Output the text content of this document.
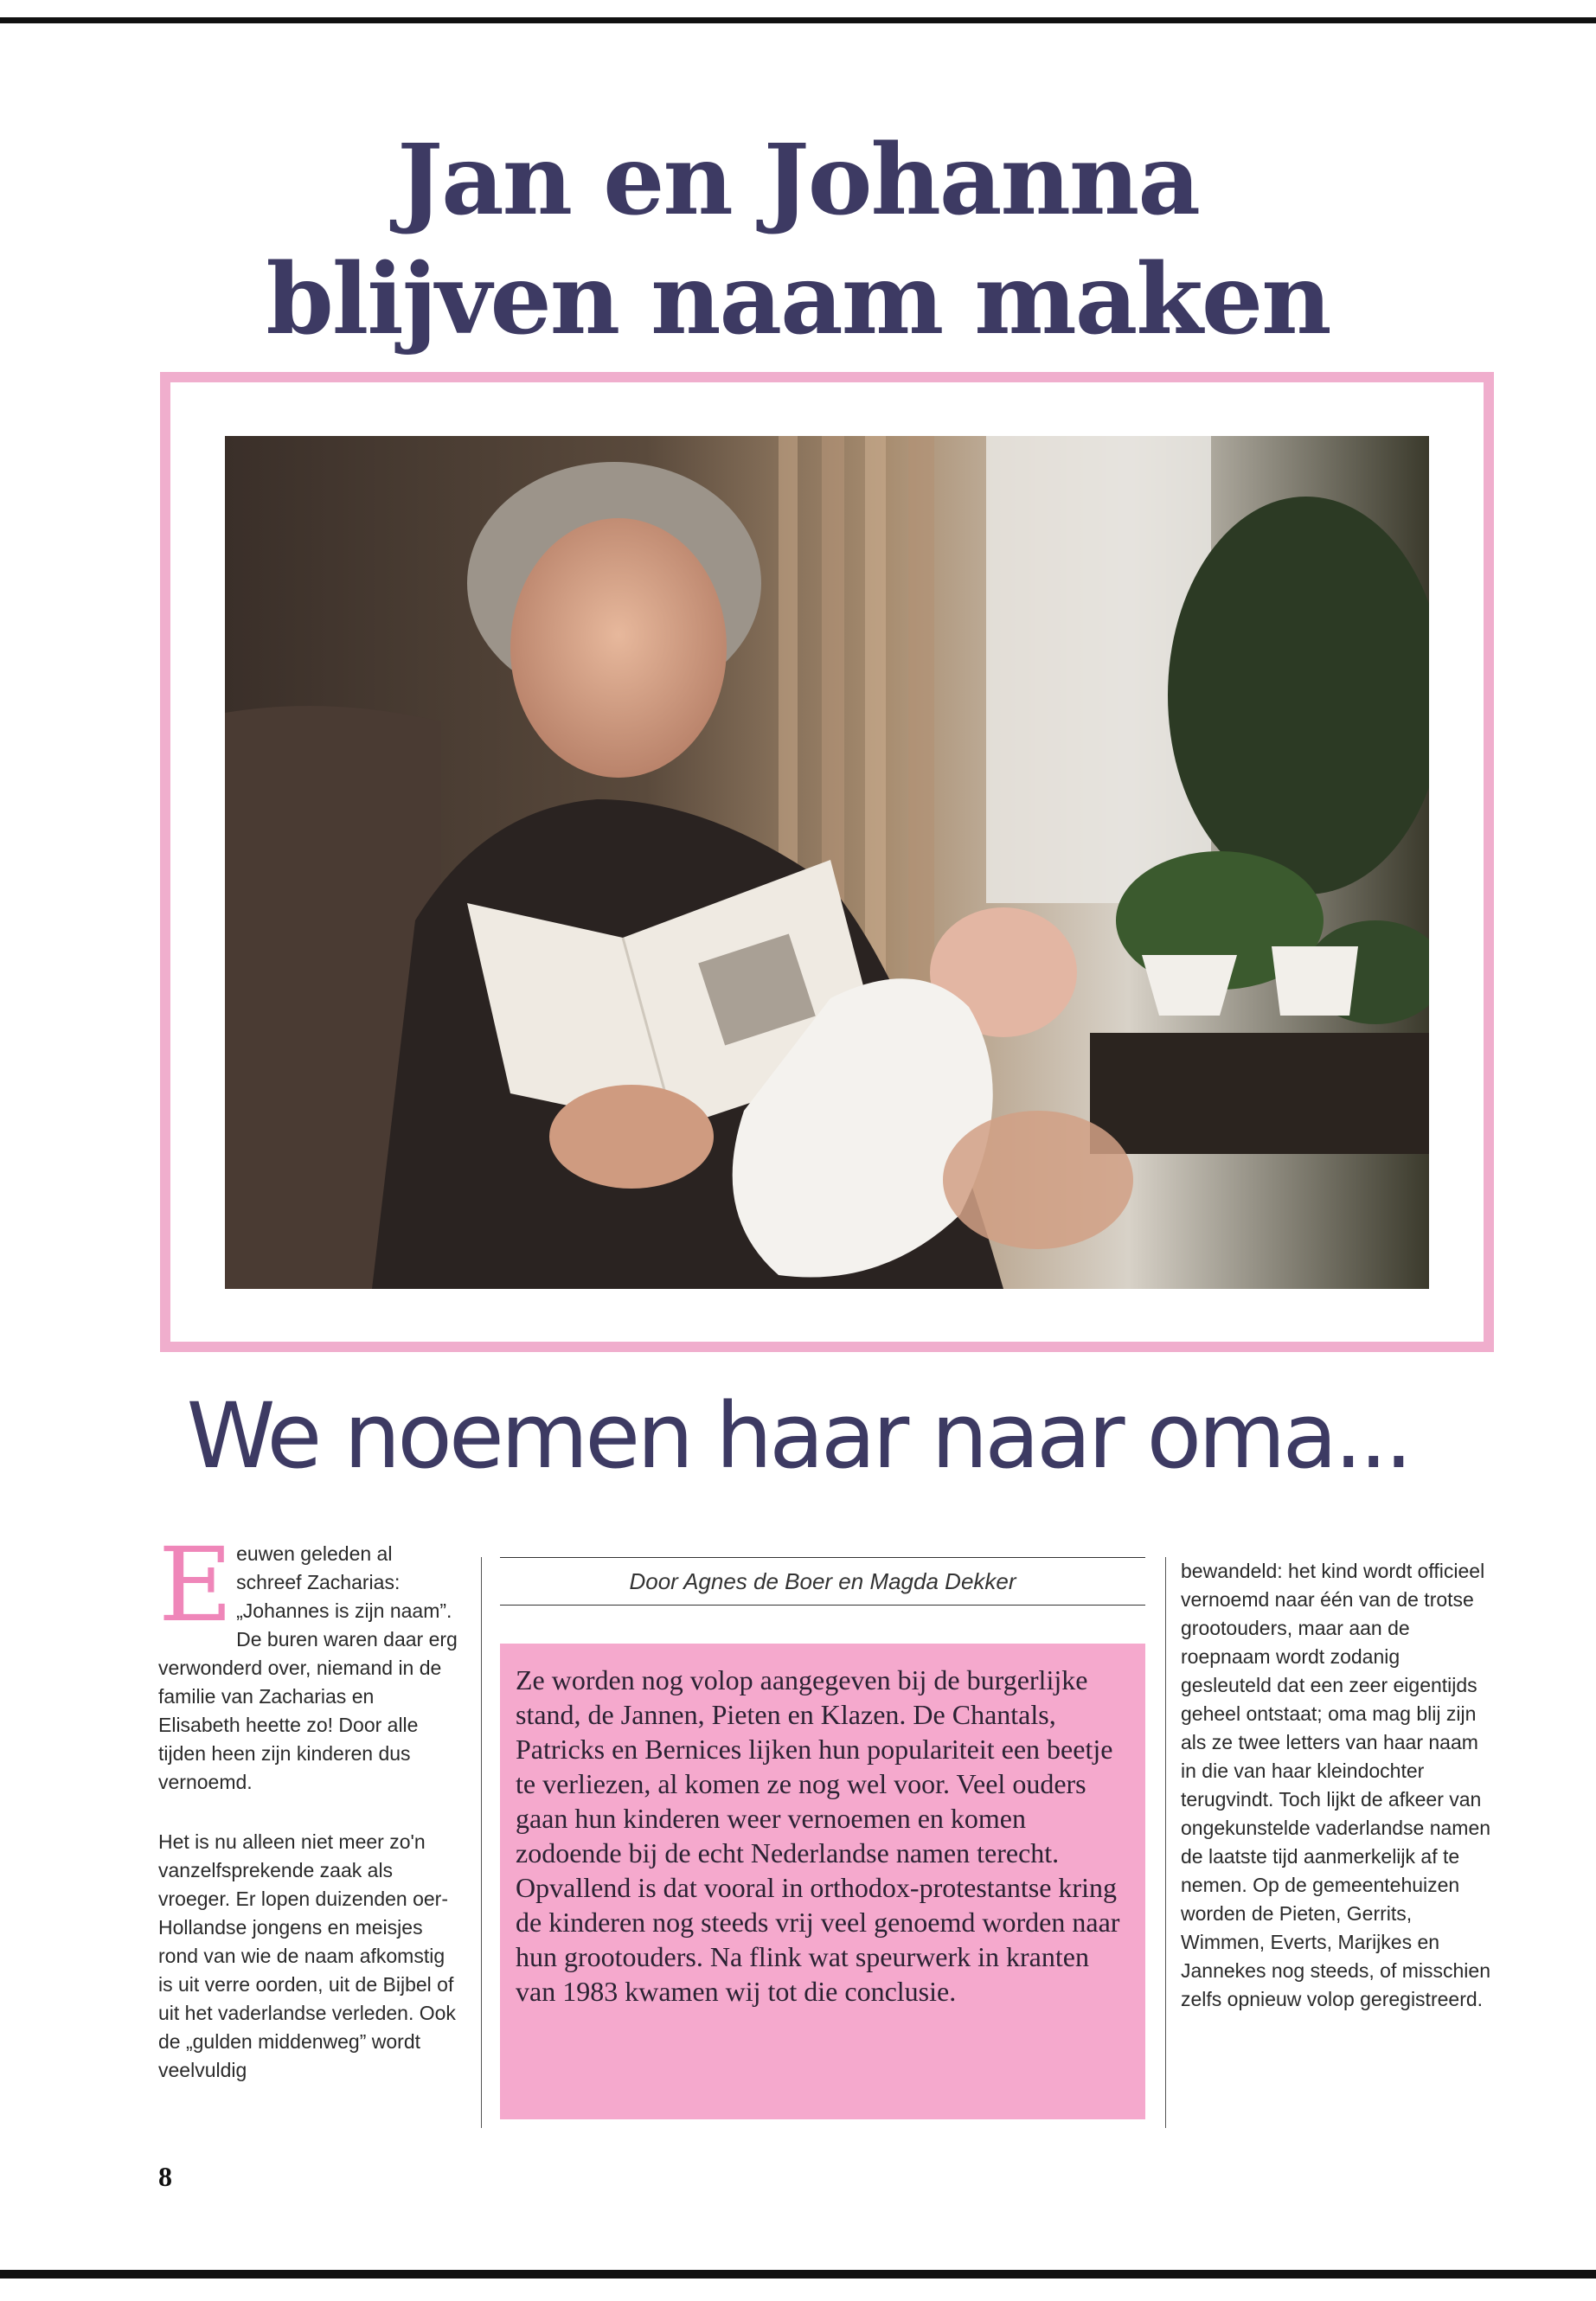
Jan en Johanna
blijven naam maken
We noemen haar naar oma...

Eeuwen geleden al schreef Zacharias: „Johannes is zijn naam”. De buren waren daar erg verwonderd over, niemand in de familie van Zacharias en Elisabeth heette zo! Door alle tijden heen zijn kinderen dus vernoemd.

Het is nu alleen niet meer zo'n vanzelfsprekende zaak als vroeger. Er lopen duizenden oer-Hollandse jongens en meisjes rond van wie de naam afkomstig is uit verre oorden, uit de Bijbel of uit het vaderlandse verleden. Ook de „gulden middenweg” wordt veelvuldig

Door Agnes de Boer en Magda Dekker

Ze worden nog volop aangegeven bij de burgerlijke stand, de Jannen, Pieten en Klazen. De Chantals, Patricks en Bernices lijken hun populariteit een beetje te verliezen, al komen ze nog wel voor. Veel ouders gaan hun kinderen weer vernoemen en komen zodoende bij de echt Nederlandse namen terecht. Opvallend is dat vooral in orthodox-protestantse kring de kinderen nog steeds vrij veel genoemd worden naar hun grootouders. Na flink wat speurwerk in kranten van 1983 kwamen wij tot die conclusie.

bewandeld: het kind wordt officieel vernoemd naar één van de trotse grootouders, maar aan de roepnaam wordt zodanig gesleuteld dat een zeer eigentijds geheel ontstaat; oma mag blij zijn als ze twee letters van haar naam in die van haar kleindochter terugvindt. Toch lijkt de afkeer van ongekunstelde vaderlandse namen de laatste tijd aanmerkelijk af te nemen. Op de gemeentehuizen worden de Pieten, Gerrits, Wimmen, Everts, Marijkes en Jannekes nog steeds, of misschien zelfs opnieuw volop geregistreerd.

8
